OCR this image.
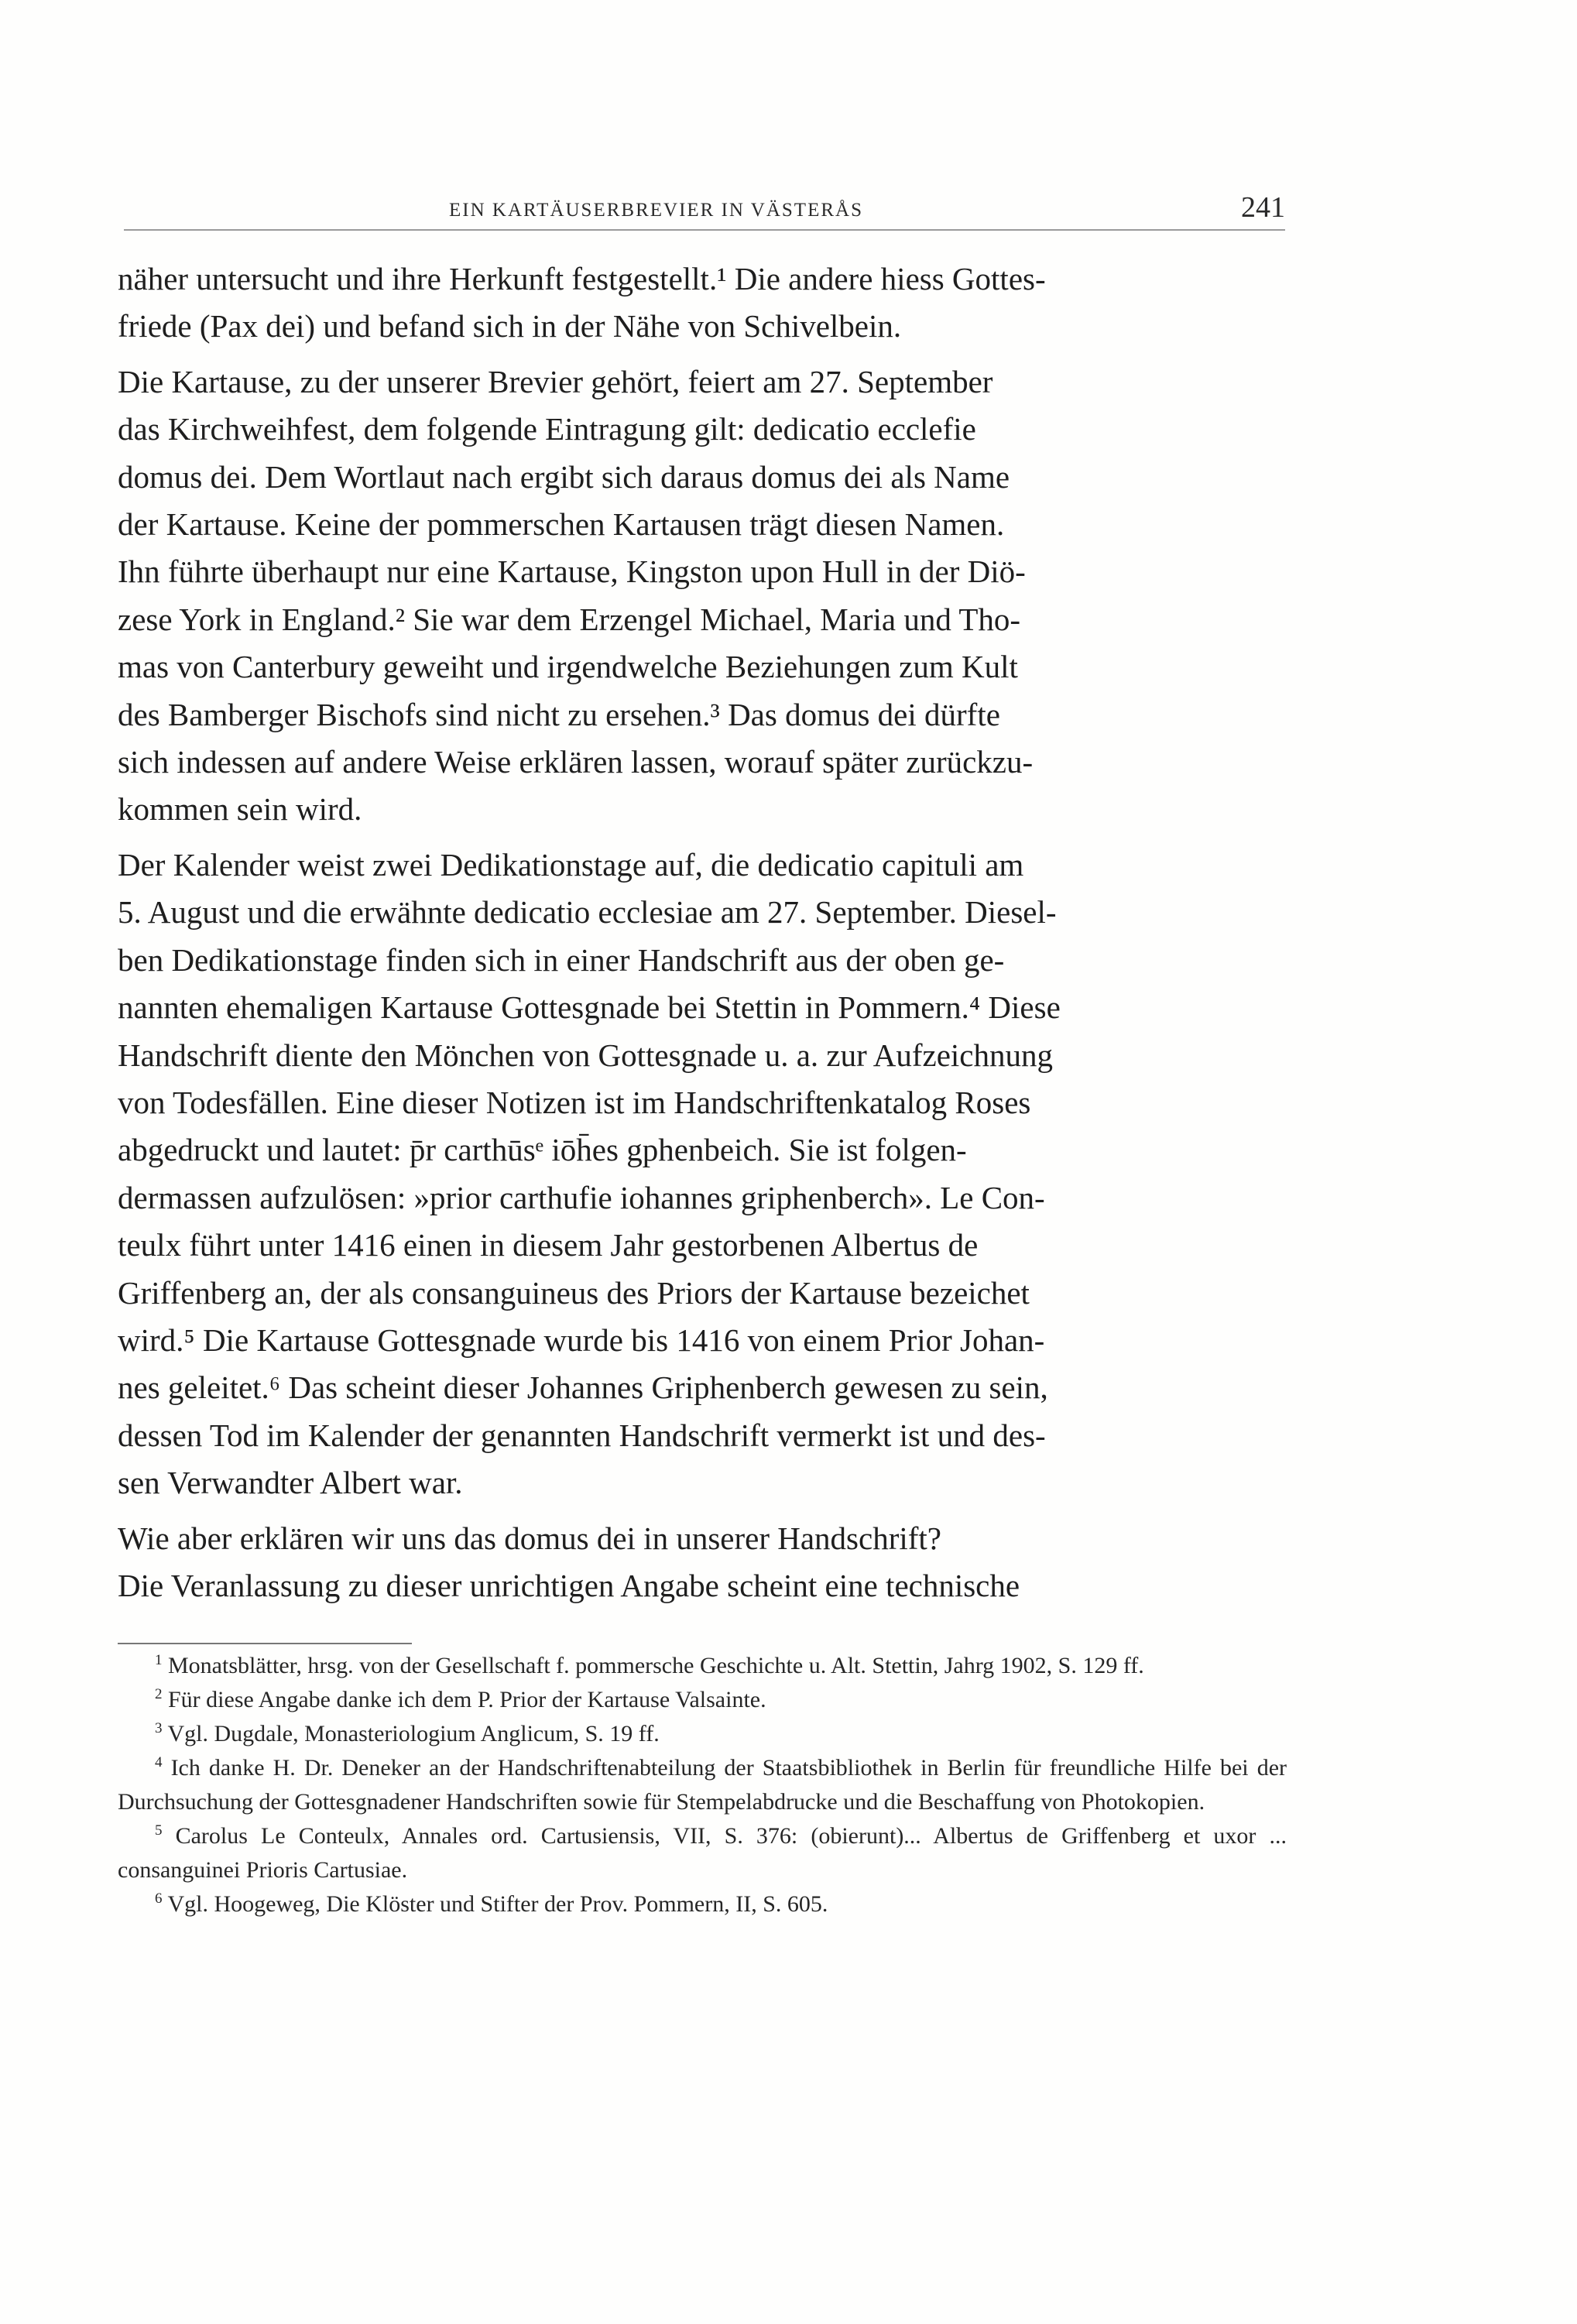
EIN KARTÄUSERBREVIER IN VÄSTERÅS	241

näher untersucht und ihre Herkunft festgestellt.¹ Die andere hiess Gottes-
friede (Pax dei) und befand sich in der Nähe von Schivelbein.

Die Kartause, zu der unserer Brevier gehört, feiert am 27. September
das Kirchweihfest, dem folgende Eintragung gilt: dedicatio ecclefie
domus dei. Dem Wortlaut nach ergibt sich daraus domus dei als Name
der Kartause. Keine der pommerschen Kartausen trägt diesen Namen.
Ihn führte überhaupt nur eine Kartause, Kingston upon Hull in der Diö-
zese York in England.² Sie war dem Erzengel Michael, Maria und Tho-
mas von Canterbury geweiht und irgendwelche Beziehungen zum Kult
des Bamberger Bischofs sind nicht zu ersehen.³ Das domus dei dürfte
sich indessen auf andere Weise erklären lassen, worauf später zurückzu-
kommen sein wird.

Der Kalender weist zwei Dedikationstage auf, die dedicatio capituli am
5. August und die erwähnte dedicatio ecclesiae am 27. September. Diesel-
ben Dedikationstage finden sich in einer Handschrift aus der oben ge-
nannten ehemaligen Kartause Gottesgnade bei Stettin in Pommern.⁴ Diese
Handschrift diente den Mönchen von Gottesgnade u. a. zur Aufzeichnung
von Todesfällen. Eine dieser Notizen ist im Handschriftenkatalog Roses
abgedruckt und lautet: p̄r carthūsᵉ iōh̄es gphenbeich. Sie ist folgen-
dermassen aufzulösen: »prior carthufie iohannes griphenberch». Le Con-
teulx führt unter 1416 einen in diesem Jahr gestorbenen Albertus de
Griffenberg an, der als consanguineus des Priors der Kartause bezeichet
wird.⁵ Die Kartause Gottesgnade wurde bis 1416 von einem Prior Johan-
nes geleitet.⁶ Das scheint dieser Johannes Griphenberch gewesen zu sein,
dessen Tod im Kalender der genannten Handschrift vermerkt ist und des-
sen Verwandter Albert war.

Wie aber erklären wir uns das domus dei in unserer Handschrift?
Die Veranlassung zu dieser unrichtigen Angabe scheint eine technische

$^1$ Monatsblätter, hrsg. von der Gesellschaft f. pommersche Geschichte u. Alt. Stettin, Jahrg 1902, S. 129 ff.

$^2$ Für diese Angabe danke ich dem P. Prior der Kartause Valsainte.

$^3$ Vgl. Dugdale, Monasteriologium Anglicum, S. 19 ff.

$^4$ Ich danke H. Dr. Deneker an der Handschriftenabteilung der Staatsbibliothek in Berlin für freundliche Hilfe bei der Durchsuchung der Gottesgnadener Handschriften sowie für Stempelabdrucke und die Beschaffung von Photokopien.

$^5$ Carolus Le Conteulx, Annales ord. Cartusiensis, VII, S. 376: (obierunt)... Albertus de Griffenberg et uxor ... consanguinei Prioris Cartusiae.

$^6$ Vgl. Hoogeweg, Die Klöster und Stifter der Prov. Pommern, II, S. 605.
